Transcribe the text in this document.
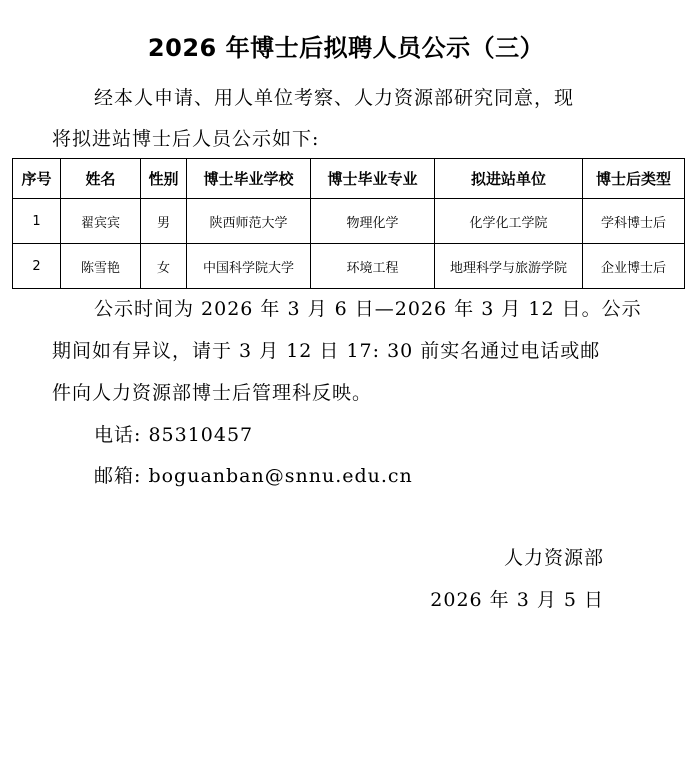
2026 年博士后拟聘人员公示（三）
经本人申请、用人单位考察、人力资源部研究同意，现
将拟进站博士后人员公示如下:
序号	姓名	性别	博士毕业学校	博士毕业专业	拟进站单位	博士后类型
1	翟宾宾	男	陕西师范大学	物理化学	化学化工学院	学科博士后
2	陈雪艳	女	中国科学院大学	环境工程	地理科学与旅游学院	企业博士后
公示时间为 2026 年 3 月 6 日—2026 年 3 月 12 日。公示
期间如有异议，请于 3 月 12 日 17: 30 前实名通过电话或邮
件向人力资源部博士后管理科反映。
电话: 85310457
邮箱: boguanban@snnu.edu.cn
人力资源部
2026 年 3 月 5 日
